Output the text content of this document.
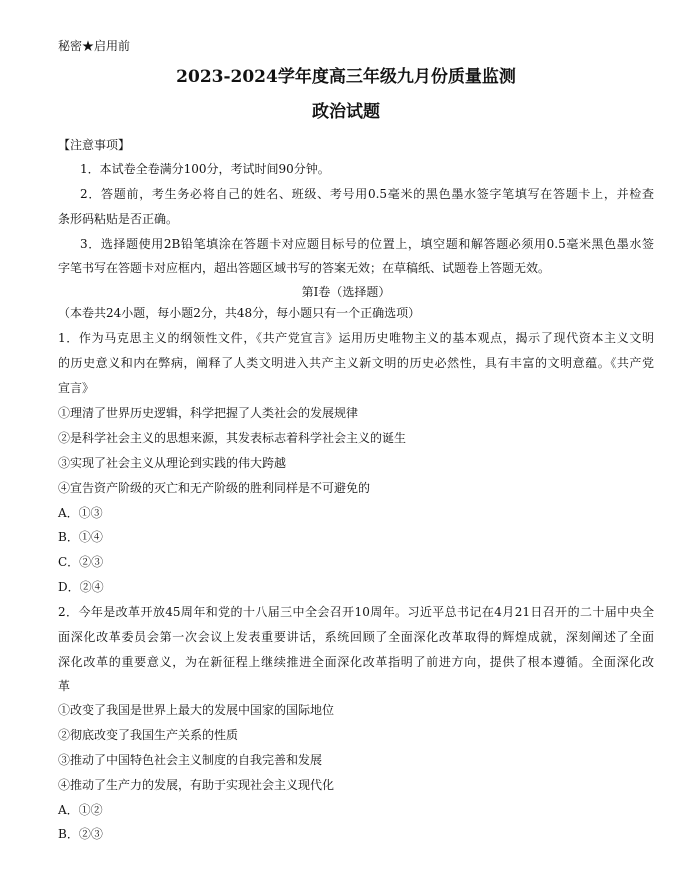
秘密★启用前
2023-2024学年度高三年级九月份质量监测
政治试题
【注意事项】
1．本试卷全卷满分100分，考试时间90分钟。
2．答题前，考生务必将自己的姓名、班级、考号用0.5毫米的黑色墨水签字笔填写在答题卡上，并检查
条形码粘贴是否正确。
3．选择题使用2B铅笔填涂在答题卡对应题目标号的位置上，填空题和解答题必须用0.5毫米黑色墨水签
字笔书写在答题卡对应框内，超出答题区域书写的答案无效；在草稿纸、试题卷上答题无效。
第Ⅰ卷（选择题）
（本卷共24小题，每小题2分，共48分，每小题只有一个正确选项）
1．作为马克思主义的纲领性文件，《共产党宣言》运用历史唯物主义的基本观点，揭示了现代资本主义文明
的历史意义和内在弊病，阐释了人类文明进入共产主义新文明的历史必然性，具有丰富的文明意蕴。《共产党
宣言》
①理清了世界历史逻辑，科学把握了人类社会的发展规律
②是科学社会主义的思想来源，其发表标志着科学社会主义的诞生
③实现了社会主义从理论到实践的伟大跨越
④宣告资产阶级的灭亡和无产阶级的胜利同样是不可避免的
A．①③
B．①④
C．②③
D．②④
2．今年是改革开放45周年和党的十八届三中全会召开10周年。习近平总书记在4月21日召开的二十届中央全
面深化改革委员会第一次会议上发表重要讲话，系统回顾了全面深化改革取得的辉煌成就，深刻阐述了全面
深化改革的重要意义，为在新征程上继续推进全面深化改革指明了前进方向，提供了根本遵循。全面深化改
革
①改变了我国是世界上最大的发展中国家的国际地位
②彻底改变了我国生产关系的性质
③推动了中国特色社会主义制度的自我完善和发展
④推动了生产力的发展，有助于实现社会主义现代化
A．①②
B．②③
